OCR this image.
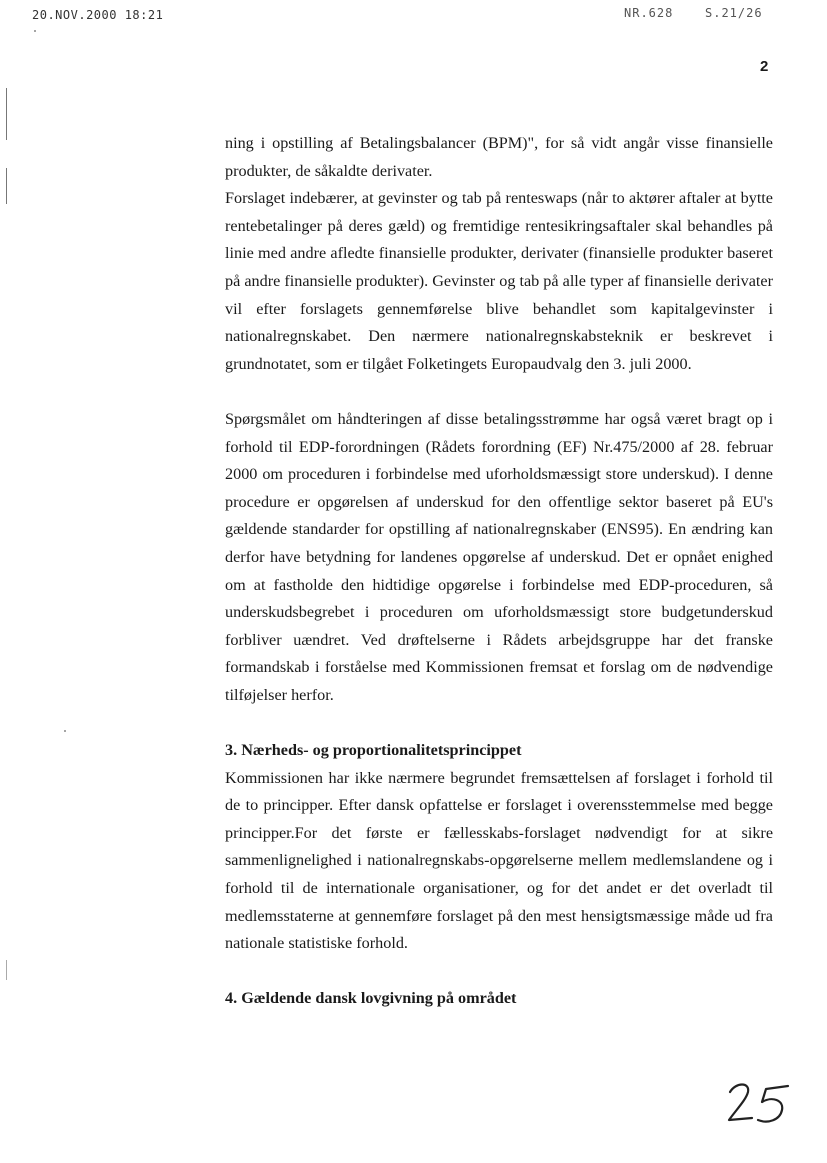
20.NOV.2000 18:21	NR.628	S.21/26
2

ning i opstilling af Betalingsbalancer (BPM)", for så vidt angår visse finansielle produkter, de såkaldte derivater.

Forslaget indebærer, at gevinster og tab på renteswaps (når to aktører aftaler at bytte rentebetalinger på deres gæld) og fremtidige rentesikringsaftaler skal behandles på linie med andre afledte finansielle produkter, derivater (finansielle produkter baseret på andre finansielle produkter). Gevinster og tab på alle typer af finansielle derivater vil efter forslagets gennemførelse blive behandlet som kapitalgevinster i nationalregnskabet. Den nærmere nationalregnskabsteknik er beskrevet i grundnotatet, som er tilgået Folketingets Europaudvalg den 3. juli 2000.

Spørgsmålet om håndteringen af disse betalingsstrømme har også været bragt op i forhold til EDP-forordningen (Rådets forordning (EF) Nr.475/2000 af 28. februar 2000 om proceduren i forbindelse med uforholdsmæssigt store underskud). I denne procedure er opgørelsen af underskud for den offentlige sektor baseret på EU's gældende standarder for opstilling af nationalregnskaber (ENS95). En ændring kan derfor have betydning for landenes opgørelse af underskud. Det er opnået enighed om at fastholde den hidtidige opgørelse i forbindelse med EDP-proceduren, så underskudsbegrebet i proceduren om uforholdsmæssigt store budgetunderskud forbliver uændret. Ved drøftelserne i Rådets arbejdsgruppe har det franske formandskab i forståelse med Kommissionen fremsat et forslag om de nødvendige tilføjelser herfor.

3. Nærheds- og proportionalitetsprincippet

Kommissionen har ikke nærmere begrundet fremsættelsen af forslaget i forhold til de to principper. Efter dansk opfattelse er forslaget i overensstemmelse med begge principper.For det første er fællesskabs-forslaget nødvendigt for at sikre sammenlignelighed i nationalregnskabs-opgørelserne mellem medlemslandene og i forhold til de internationale organisationer, og for det andet er det overladt til medlemsstaterne at gennemføre forslaget på den mest hensigtsmæssige måde ud fra nationale statistiske forhold.

4. Gældende dansk lovgivning på området
